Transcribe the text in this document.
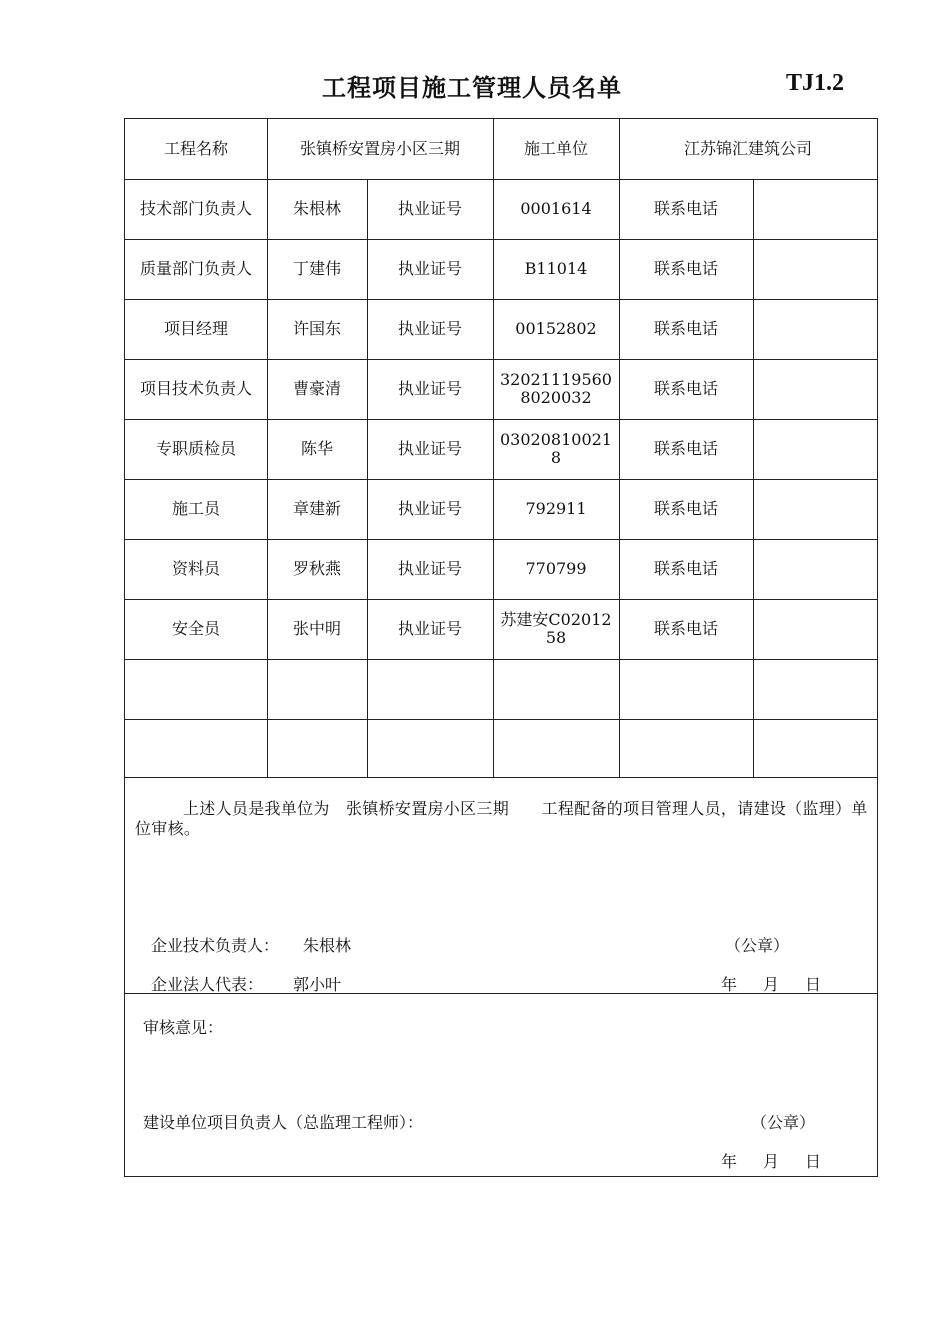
工程项目施工管理人员名单	TJ1.2
工程名称	张镇桥安置房小区三期	施工单位	江苏锦汇建筑公司
技术部门负责人	朱根林	执业证号	0001614	联系电话
质量部门负责人	丁建伟	执业证号	B11014	联系电话
项目经理	许国东	执业证号	00152802	联系电话
项目技术负责人	曹豪清	执业证号	320211195608020032	联系电话
专职质检员	陈华	执业证号	030208100218	联系电话
施工员	章建新	执业证号	792911	联系电话
资料员	罗秋燕	执业证号	770799	联系电话
安全员	张中明	执业证号	苏建安C0201258	联系电话
上述人员是我单位为　张镇桥安置房小区三期　　工程配备的项目管理人员，请建设（监理）单位审核。
企业技术负责人： 朱根林	（公章）
企业法人代表： 郭小叶	年 月 日
审核意见：
建设单位项目负责人（总监理工程师）：	（公章）
年 月 日
